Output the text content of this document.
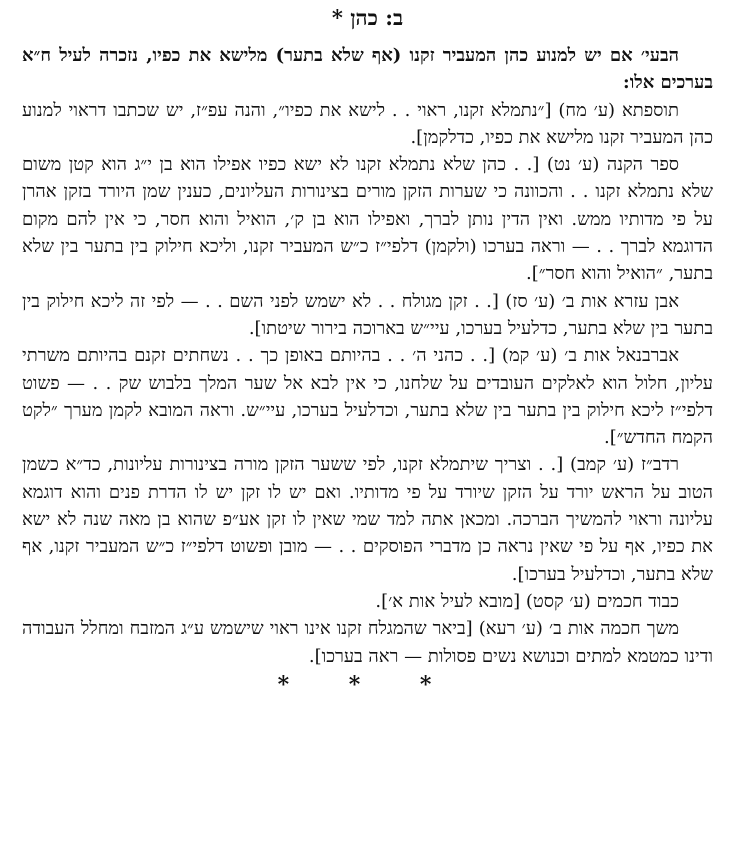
ב: כהן *

הבעי׳ אם יש למנוע כהן המעביר זקנו (אף שלא בתער) מלישא את כפיו, נזכרה לעיל ח״א בערכים אלו:

תוספתא (ע׳ מח) [״נתמלא זקנו, ראוי . . לישא את כפיו״, והנה עפ״ז, יש שכתבו דראוי למנוע כהן המעביר זקנו מלישא את כפיו, כדלקמן].

ספר הקנה (ע׳ נט) [. . כהן שלא נתמלא זקנו לא ישא כפיו אפילו הוא בן י״ג הוא קטן משום שלא נתמלא זקנו . . והכוונה כי שערות הזקן מורים בצינורות העליונים, כענין שמן היורד בזקן אהרן על פי מדותיו ממש. ואין הדין נותן לברך, ואפילו הוא בן ק׳, הואיל והוא חסר, כי אין להם מקום הדוגמא לברך . . — וראה בערכו (ולקמן) דלפי״ז כ״ש המעביר זקנו, וליכא חילוק בין בתער בין שלא בתער, ״הואיל והוא חסר״].

אבן עזרא אות ב׳ (ע׳ סז) [. . זקן מגולח . . לא ישמש לפני השם . . — לפי זה ליכא חילוק בין בתער בין שלא בתער, כדלעיל בערכו, עיי״ש בארוכה בירור שיטתו].

אברבנאל אות ב׳ (ע׳ קמ) [. . כהני ה׳ . . בהיותם באופן כך . . נשחתים זקנם בהיותם משרתי עליון, חלול הוא לאלקים העובדים על שלחנו, כי אין לבא אל שער המלך בלבוש שק . . — פשוט דלפי״ז ליכא חילוק בין בתער בין שלא בתער, וכדלעיל בערכו, עיי״ש. וראה המובא לקמן מערך ״לקט הקמח החדש״].

רדב״ז (ע׳ קמב) [. . וצריך שיתמלא זקנו, לפי ששער הזקן מורה בצינורות עליונות, כד״א כשמן הטוב על הראש יורד על הזקן שיורד על פי מדותיו. ואם יש לו זקן יש לו הדרת פנים והוא דוגמא עליונה וראוי להמשיך הברכה. ומכאן אתה למד שמי שאין לו זקן אע״פ שהוא בן מאה שנה לא ישא את כפיו, אף על פי שאין נראה כן מדברי הפוסקים . . — מובן ופשוט דלפי״ז כ״ש המעביר זקנו, אף שלא בתער, וכדלעיל בערכו].

כבוד חכמים (ע׳ קסט) [מובא לעיל אות א׳].

משך חכמה אות ב׳ (ע׳ רעא) [ביאר שהמגלח זקנו אינו ראוי שישמש ע״ג המזבח ומחלל העבודה ודינו כמטמא למתים וכנושא נשים פסולות — ראה בערכו].

* * *
